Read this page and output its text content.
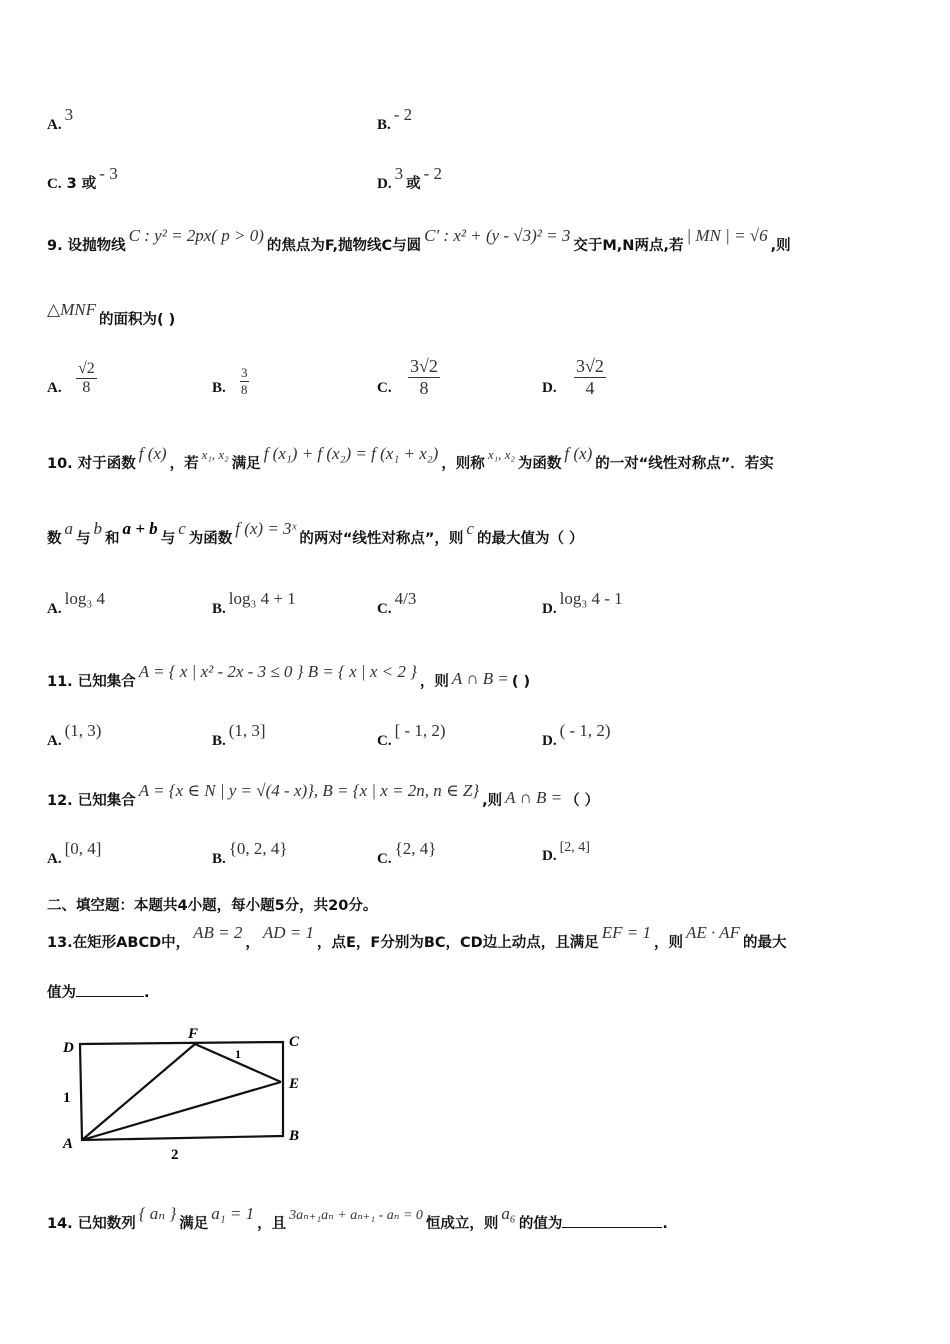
A.3
B.- 2
C. 3 或- 3
D.3或- 2
9. 设抛物线C : y² = 2px( p > 0)的焦点为F,抛物线C与圆C′ : x² + (y - √3)² = 3交于M,N两点,若| MN | = √6,则
△MNF的面积为( )
A.	B.	C.	D.
$\frac{√2}{8}$	$\frac{3}{8}$	$\frac{3√2}{8}$	$\frac{3√2}{4}$
10. 对于函数f (x)，若x₁, x₂满足f (x₁) + f (x₂) = f (x₁ + x₂)，则称x₁, x₂为函数f (x)的一对“线性对称点”．若实
数a与b和a + b与c为函数f (x) = 3ˣ的两对“线性对称点”，则c的最大值为（ ）
A.log₃ 4
B.log₃ 4 + 1
C.4/3
D.log₃ 4 - 1
11. 已知集合A = { x | x² - 2x - 3 ≤ 0 } B = { x | x < 2 }，则 A ∩ B = ( )
A.(1, 3)
B.(1, 3]
C.[ - 1, 2)
D.( - 1, 2)
12. 已知集合A = {x ∈ N | y = √(4 - x)}, B = {x | x = 2n, n ∈ Z},则 A ∩ B = （ ）
A.[0, 4]
B.{0, 2, 4}
C.{2, 4}	D.[2, 4]
二、填空题：本题共4小题，每小题5分，共20分。
13.在矩形ABCD中，AB = 2，AD = 1，点E，F分别为BC，CD边上动点，且满足EF = 1，则AE · AF的最大
值为	.
D
F	C
E
A	B
1
2
1
14. 已知数列{ aₙ }满足a₁ = 1，且3aₙ₊₁aₙ + aₙ₊₁ - aₙ = 0恒成立，则a₆的值为	.
